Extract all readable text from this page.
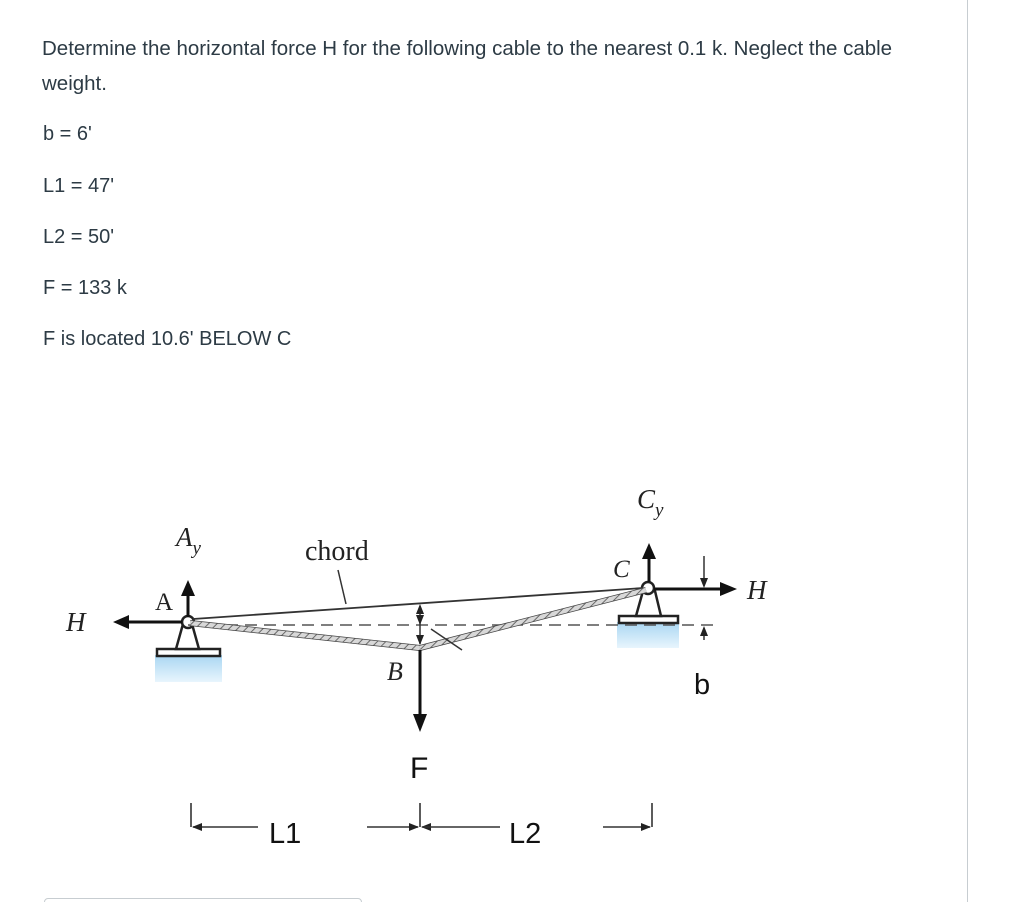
Determine the horizontal force H for the following cable to the nearest 0.1 k. Neglect the cable weight.
b = 6'
L1 = 47'
L2 = 50'
F = 133 k
F is located 10.6' BELOW C
$A_y$
A
H
chord
B
F
C
$C_y$
H
b
L1	L2
